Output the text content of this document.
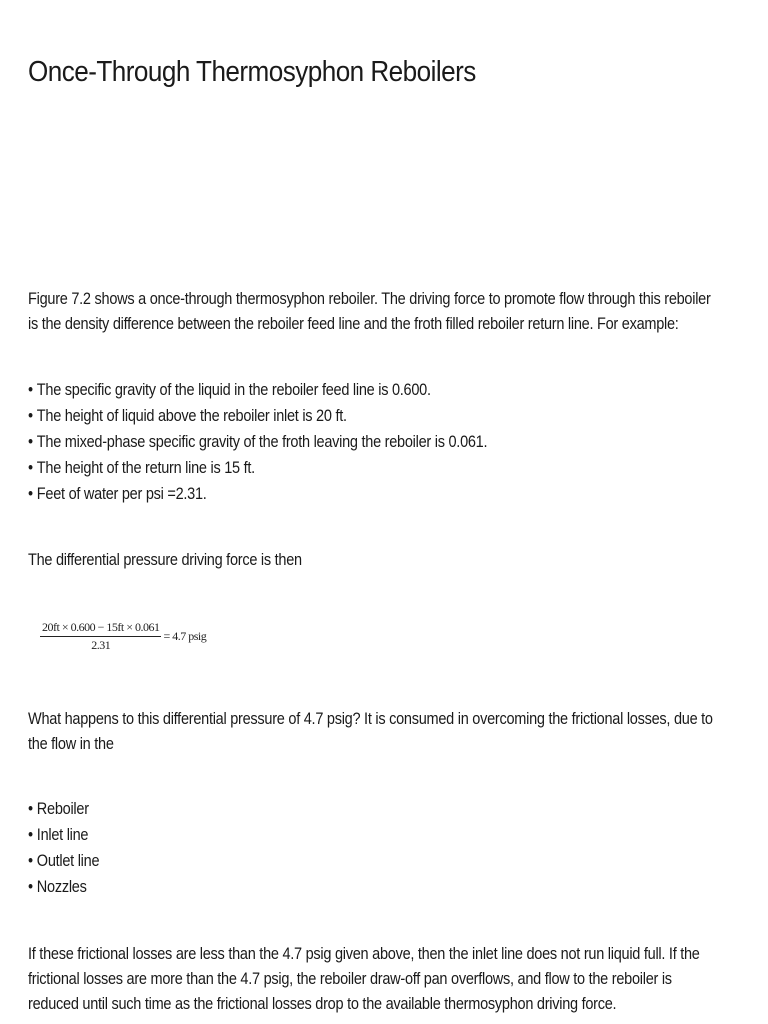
Once-Through Thermosyphon Reboilers

Figure 7.2 shows a once-through thermosyphon reboiler. The driving force to promote flow through this reboiler is the density difference between the reboiler feed line and the froth filled reboiler return line. For example:

• The specific gravity of the liquid in the reboiler feed line is 0.600.
• The height of liquid above the reboiler inlet is 20 ft.
• The mixed-phase specific gravity of the froth leaving the reboiler is 0.061.
• The height of the return line is 15 ft.
• Feet of water per psi =2.31.

The differential pressure driving force is then

$\frac{20ft \times 0.600 - 15ft \times 0.061}{2.31} = 4.7$ psig

What happens to this differential pressure of 4.7 psig? It is consumed in overcoming the frictional losses, due to the flow in the

• Reboiler
• Inlet line
• Outlet line
• Nozzles

If these frictional losses are less than the 4.7 psig given above, then the inlet line does not run liquid full. If the frictional losses are more than the 4.7 psig, the reboiler draw-off pan overflows, and flow to the reboiler is reduced until such time as the frictional losses drop to the available thermosyphon driving force.
